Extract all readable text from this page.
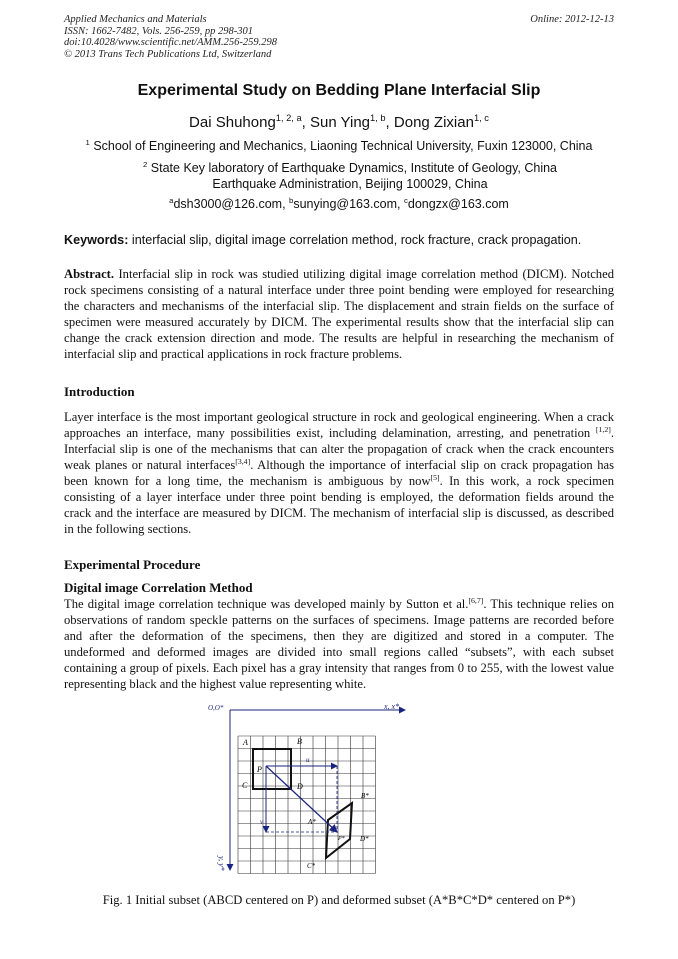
Applied Mechanics and Materials
ISSN: 1662-7482, Vols. 256-259, pp 298-301
doi:10.4028/www.scientific.net/AMM.256-259.298
© 2013 Trans Tech Publications Ltd, Switzerland
Online: 2012-12-13
Experimental Study on Bedding Plane Interfacial Slip
Dai Shuhong$^{1, 2, a}$, Sun Ying$^{1, b}$, Dong Zixian$^{1, c}$
$^1$ School of Engineering and Mechanics, Liaoning Technical University, Fuxin 123000, China
$^2$ State Key laboratory of Earthquake Dynamics, Institute of Geology, China Earthquake Administration, Beijing 100029, China
$^a$dsh3000@126.com, $^b$sunying@163.com, $^c$dongzx@163.com
Keywords: interfacial slip, digital image correlation method, rock fracture, crack propagation.
Abstract. Interfacial slip in rock was studied utilizing digital image correlation method (DICM). Notched rock specimens consisting of a natural interface under three point bending were employed for researching the characters and mechanisms of the interfacial slip. The displacement and strain fields on the surface of specimen were measured accurately by DICM. The experimental results show that the interfacial slip can change the crack extension direction and mode. The results are helpful in researching the mechanism of interfacial slip and practical applications in rock fracture problems.
Introduction
Layer interface is the most important geological structure in rock and geological engineering. When a crack approaches an interface, many possibilities exist, including delamination, arresting, and penetration [1,2]. Interfacial slip is one of the mechanisms that can alter the propagation of crack when the crack encounters weak planes or natural interfaces[3,4]. Although the importance of interfacial slip on crack propagation has been known for a long time, the mechanism is ambiguous by now[5]. In this work, a rock specimen consisting of a layer interface under three point bending is employed, the deformation fields around the crack and the interface are measured by DICM. The mechanism of interfacial slip is discussed, as described in the following sections.
Experimental Procedure
Digital image Correlation Method
The digital image correlation technique was developed mainly by Sutton et al.[6,7]. This technique relies on observations of random speckle patterns on the surfaces of specimens. Image patterns are recorded before and after the deformation of the specimens, then they are digitized and stored in a computer. The undeformed and deformed images are divided into small regions called “subsets”, with each subset containing a group of pixels. Each pixel has a gray intensity that ranges from 0 to 255, with the lowest value representing black and the highest value representing white.
O,O*	x, x*
y, y*
A	B
C	D
P
A*
B*
C*
D*
P*
u
v
Fig. 1 Initial subset (ABCD centered on P) and deformed subset (A*B*C*D* centered on P*)
